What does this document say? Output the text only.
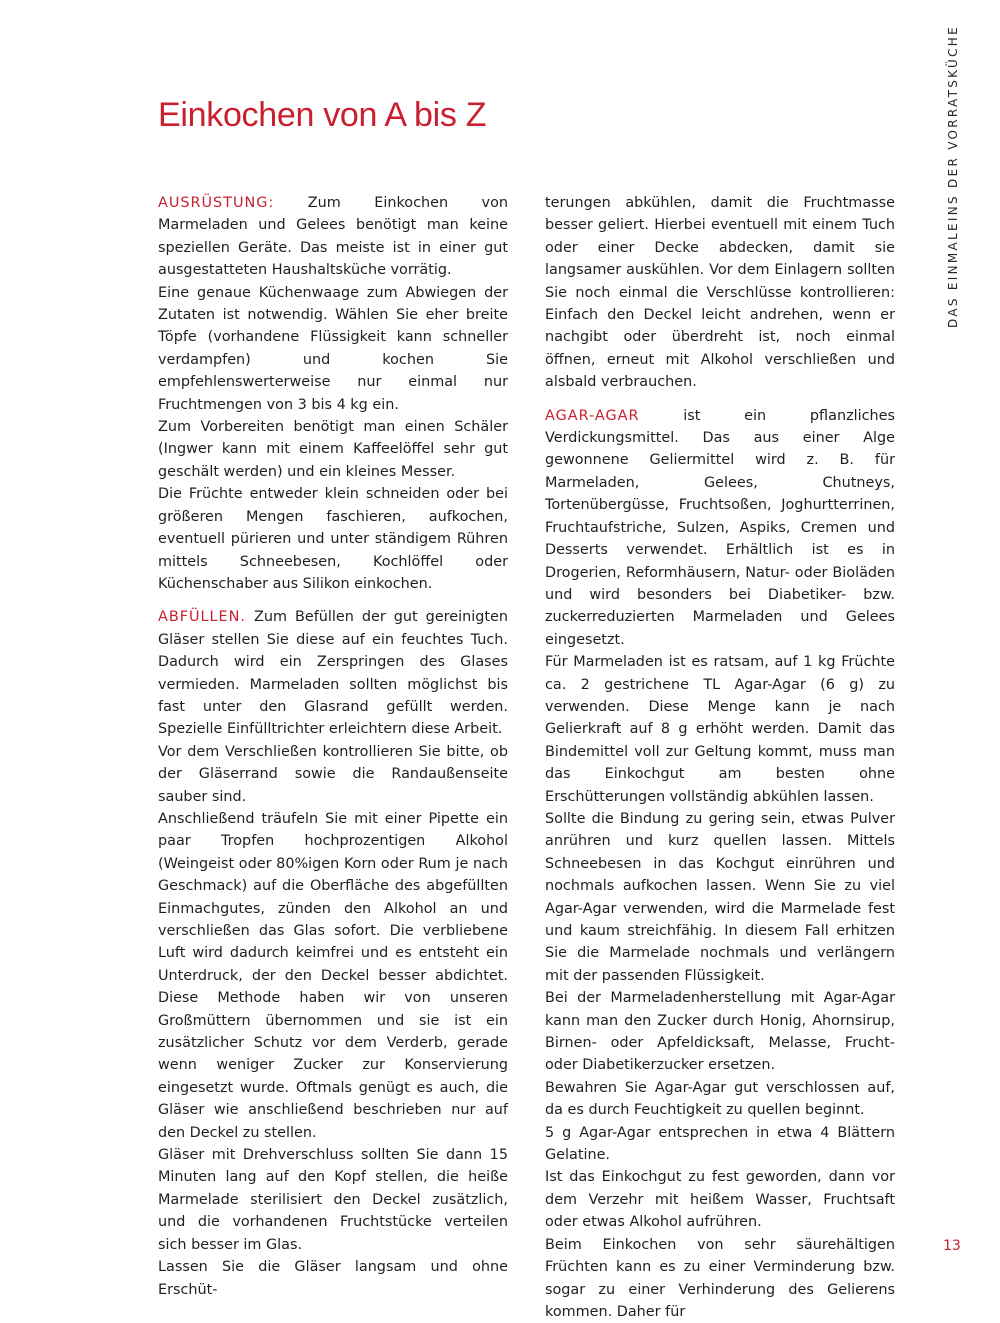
Einkochen von A bis Z	DAS EINMALEINS DER VORRATSKÜCHE

AUSRÜSTUNG: Zum Einkochen von Marmeladen und Gelees benötigt man keine speziellen Geräte. Das meiste ist in einer gut ausgestatteten Haushaltsküche vorrätig.

Eine genaue Küchenwaage zum Abwiegen der Zutaten ist notwendig. Wählen Sie eher breite Töpfe (vorhandene Flüssigkeit kann schneller verdampfen) und kochen Sie empfehlenswerterweise nur einmal nur Fruchtmengen von 3 bis 4 kg ein.

Zum Vorbereiten benötigt man einen Schäler (Ingwer kann mit einem Kaffeelöffel sehr gut geschält werden) und ein kleines Messer.

Die Früchte entweder klein schneiden oder bei größeren Mengen faschieren, aufkochen, eventuell pürieren und unter ständigem Rühren mittels Schneebesen, Kochlöffel oder Küchenschaber aus Silikon einkochen.

ABFÜLLEN. Zum Befüllen der gut gereinigten Gläser stellen Sie diese auf ein feuchtes Tuch. Dadurch wird ein Zerspringen des Glases vermieden. Marmeladen sollten möglichst bis fast unter den Glasrand gefüllt werden. Spezielle Einfülltrichter erleichtern diese Arbeit.

Vor dem Verschließen kontrollieren Sie bitte, ob der Gläserrand sowie die Randaußenseite sauber sind.

Anschließend träufeln Sie mit einer Pipette ein paar Tropfen hochprozentigen Alkohol (Weingeist oder 80%igen Korn oder Rum je nach Geschmack) auf die Oberfläche des abgefüllten Einmachgutes, zünden den Alkohol an und verschließen das Glas sofort. Die verbliebene Luft wird dadurch keimfrei und es entsteht ein Unterdruck, der den Deckel besser abdichtet. Diese Methode haben wir von unseren Großmüttern übernommen und sie ist ein zusätzlicher Schutz vor dem Verderb, gerade wenn weniger Zucker zur Konservierung eingesetzt wurde. Oftmals genügt es auch, die Gläser wie anschließend beschrieben nur auf den Deckel zu stellen.

Gläser mit Drehverschluss sollten Sie dann 15 Minuten lang auf den Kopf stellen, die heiße Marmelade sterilisiert den Deckel zusätzlich, und die vorhandenen Fruchtstücke verteilen sich besser im Glas.

Lassen Sie die Gläser langsam und ohne Erschüt-

terungen abkühlen, damit die Fruchtmasse besser geliert. Hierbei eventuell mit einem Tuch oder einer Decke abdecken, damit sie langsamer auskühlen. Vor dem Einlagern sollten Sie noch einmal die Verschlüsse kontrollieren: Einfach den Deckel leicht andrehen, wenn er nachgibt oder überdreht ist, noch einmal öffnen, erneut mit Alkohol verschließen und alsbald verbrauchen.

AGAR-AGAR ist ein pflanzliches Verdickungsmittel. Das aus einer Alge gewonnene Geliermittel wird z. B. für Marmeladen, Gelees, Chutneys, Tortenübergüsse, Fruchtsoßen, Joghurtterrinen, Fruchtaufstriche, Sulzen, Aspiks, Cremen und Desserts verwendet. Erhältlich ist es in Drogerien, Reformhäusern, Natur- oder Bioläden und wird besonders bei Diabetiker- bzw. zuckerreduzierten Marmeladen und Gelees eingesetzt.

Für Marmeladen ist es ratsam, auf 1 kg Früchte ca. 2 gestrichene TL Agar-Agar (6 g) zu verwenden. Diese Menge kann je nach Gelierkraft auf 8 g erhöht werden. Damit das Bindemittel voll zur Geltung kommt, muss man das Einkochgut am besten ohne Erschütterungen vollständig abkühlen lassen.

Sollte die Bindung zu gering sein, etwas Pulver anrühren und kurz quellen lassen. Mittels Schneebesen in das Kochgut einrühren und nochmals aufkochen lassen. Wenn Sie zu viel Agar-Agar verwenden, wird die Marmelade fest und kaum streichfähig. In diesem Fall erhitzen Sie die Marmelade nochmals und verlängern mit der passenden Flüssigkeit.

Bei der Marmeladenherstellung mit Agar-Agar kann man den Zucker durch Honig, Ahornsirup, Birnen- oder Apfeldicksaft, Melasse, Frucht- oder Diabetikerzucker ersetzen.

Bewahren Sie Agar-Agar gut verschlossen auf, da es durch Feuchtigkeit zu quellen beginnt.

5 g Agar-Agar entsprechen in etwa 4 Blättern Gelatine.

Ist das Einkochgut zu fest geworden, dann vor dem Verzehr mit heißem Wasser, Fruchtsaft oder etwas Alkohol aufrühren.

Beim Einkochen von sehr säurehältigen Früchten kann es zu einer Verminderung bzw. sogar zu einer Verhinderung des Gelierens kommen. Daher für

13
